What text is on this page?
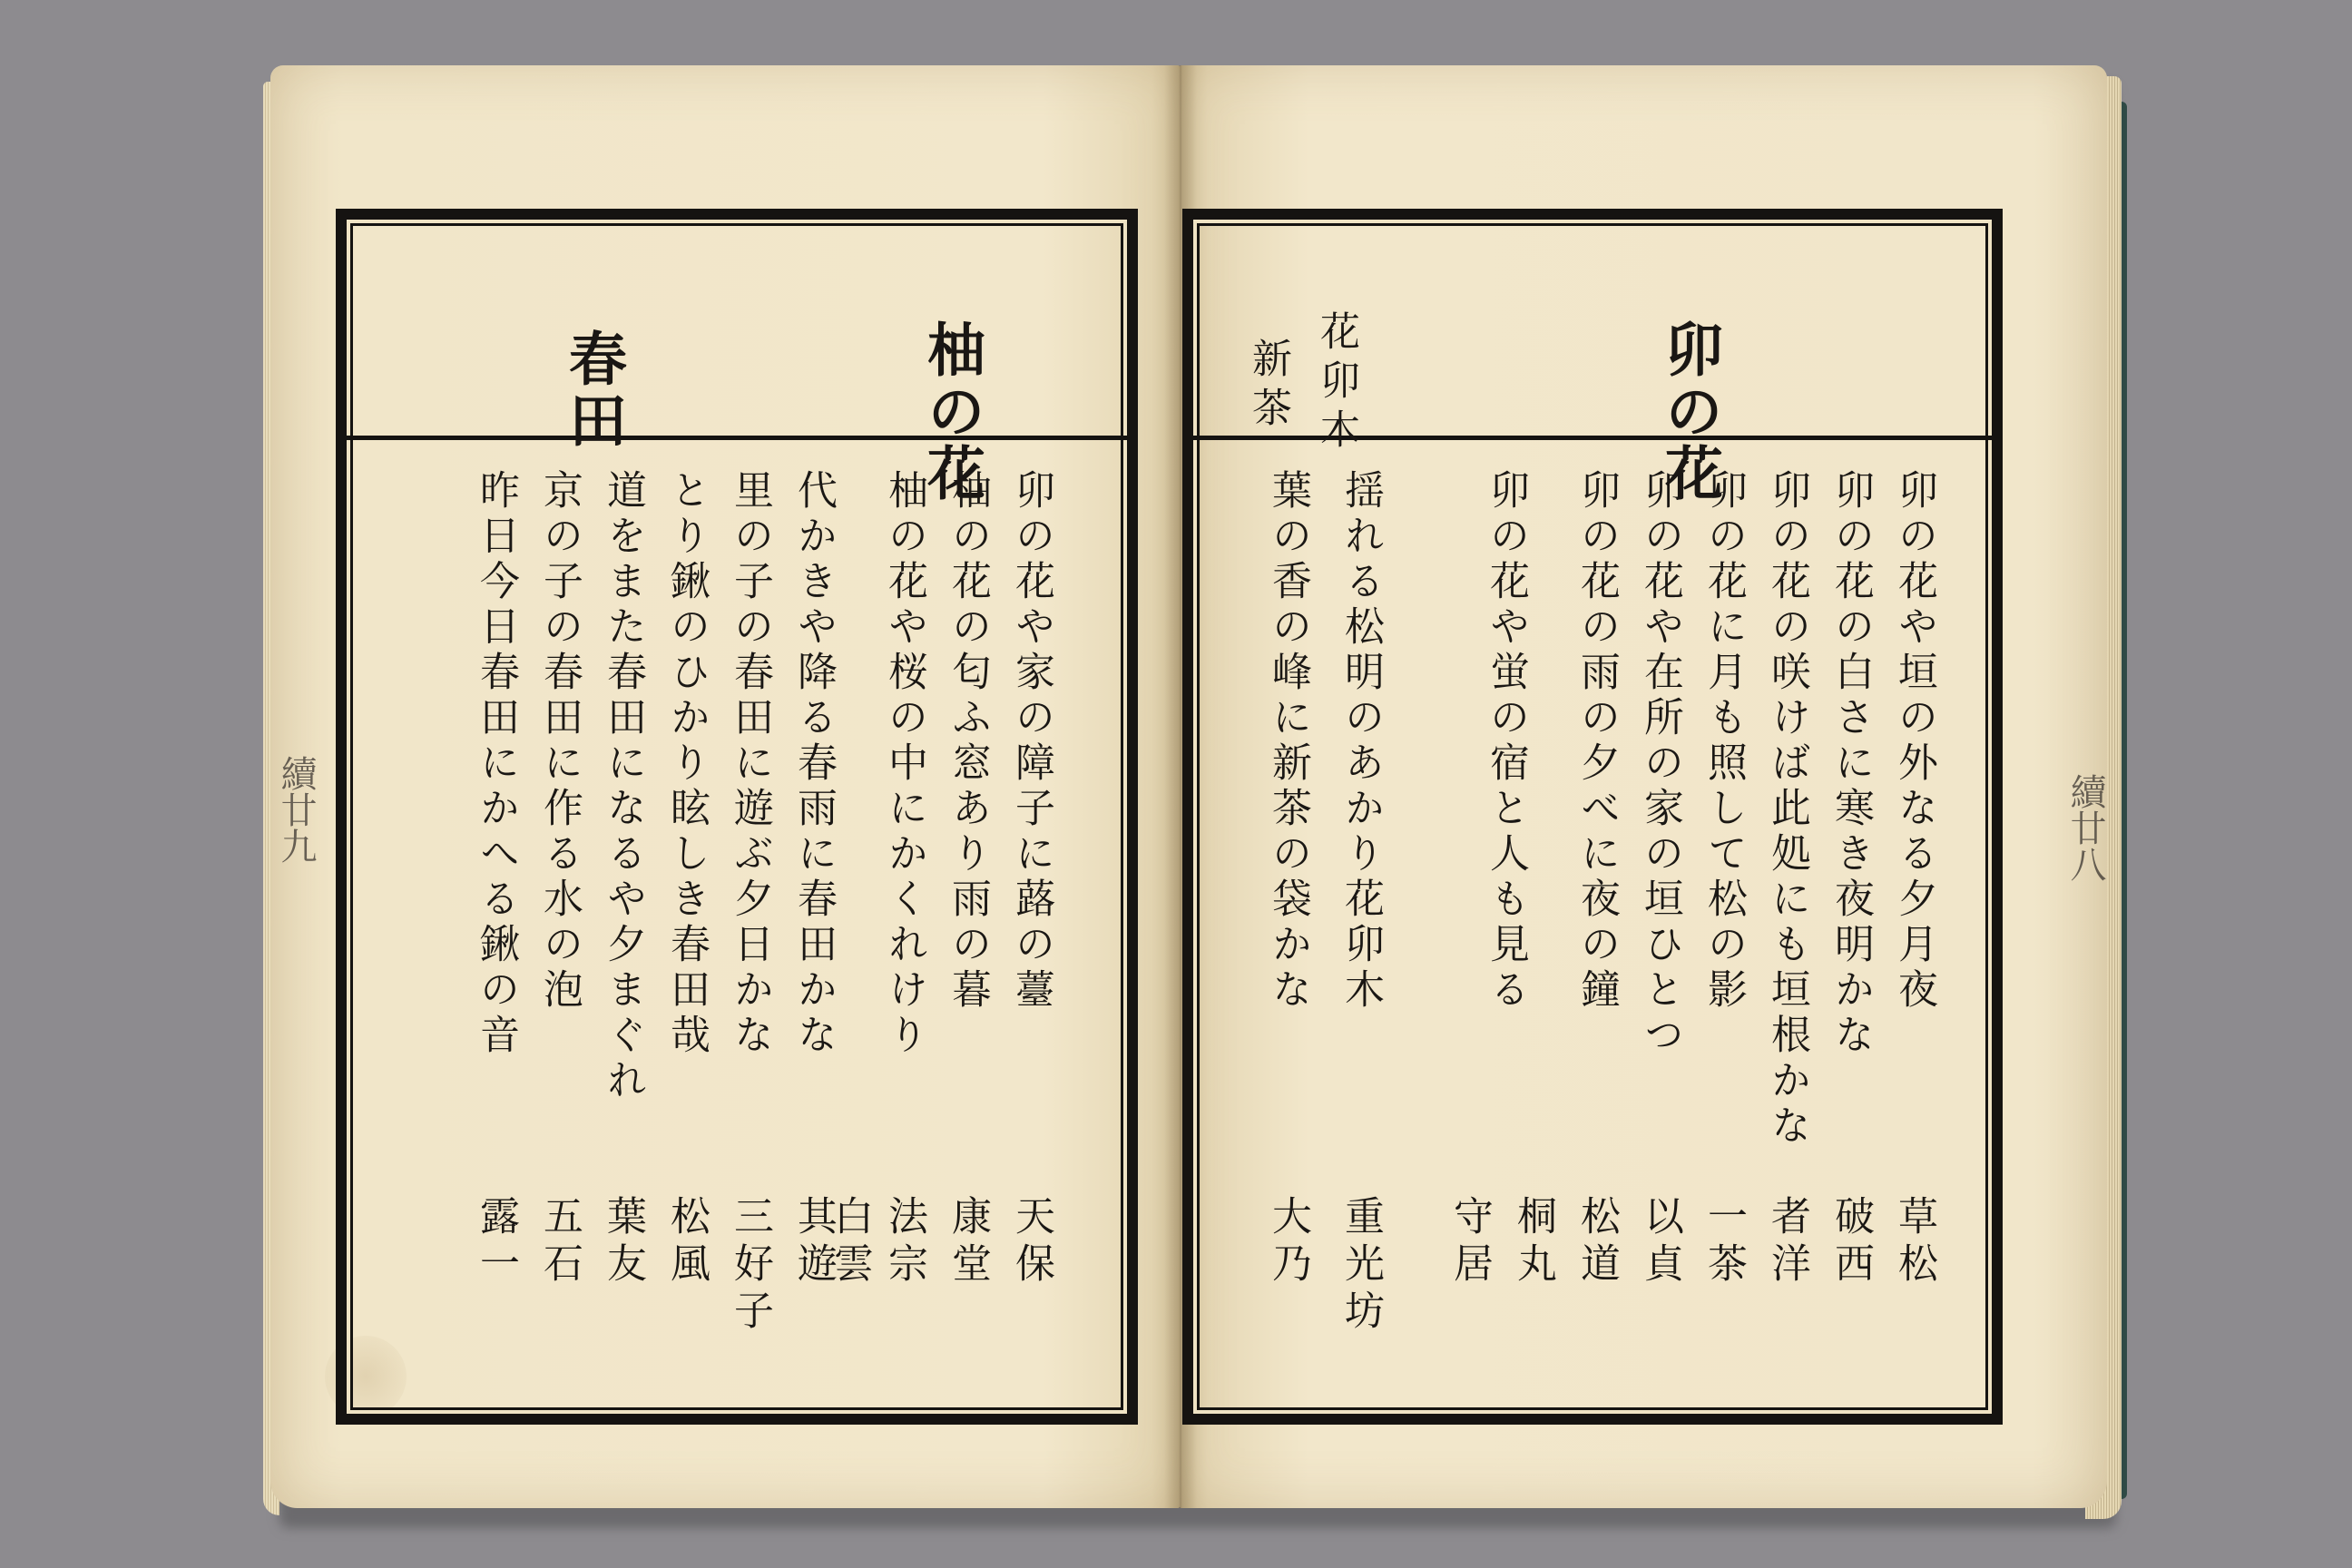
續廿九
柚の花
春田
卯の花や家の障子に蕗の薹
柚の花の匂ふ窓あり雨の暮
柚の花や桜の中にかくれけり
代かきや降る春雨に春田かな
里の子の春田に遊ぶ夕日かな
とり鍬のひかり眩しき春田哉
道をまた春田になるや夕まぐれ
京の子の春田に作る水の泡
昨日今日春田にかへる鍬の音
天保
康堂
法宗
白雲
其遊
三好子
松風
葉友
五石
露一
續廿八
卯の花
花卯木
新茶
卯の花や垣の外なる夕月夜
卯の花の白さに寒き夜明かな
卯の花の咲けば此処にも垣根かな
卯の花に月も照して松の影
卯の花や在所の家の垣ひとつ
卯の花の雨の夕べに夜の鐘
卯の花や蛍の宿と人も見る
揺れる松明のあかり花卯木
葉の香の峰に新茶の袋かな
草松
破西
者洋
一茶
以貞
松道
桐丸
守居
重光坊
大乃
